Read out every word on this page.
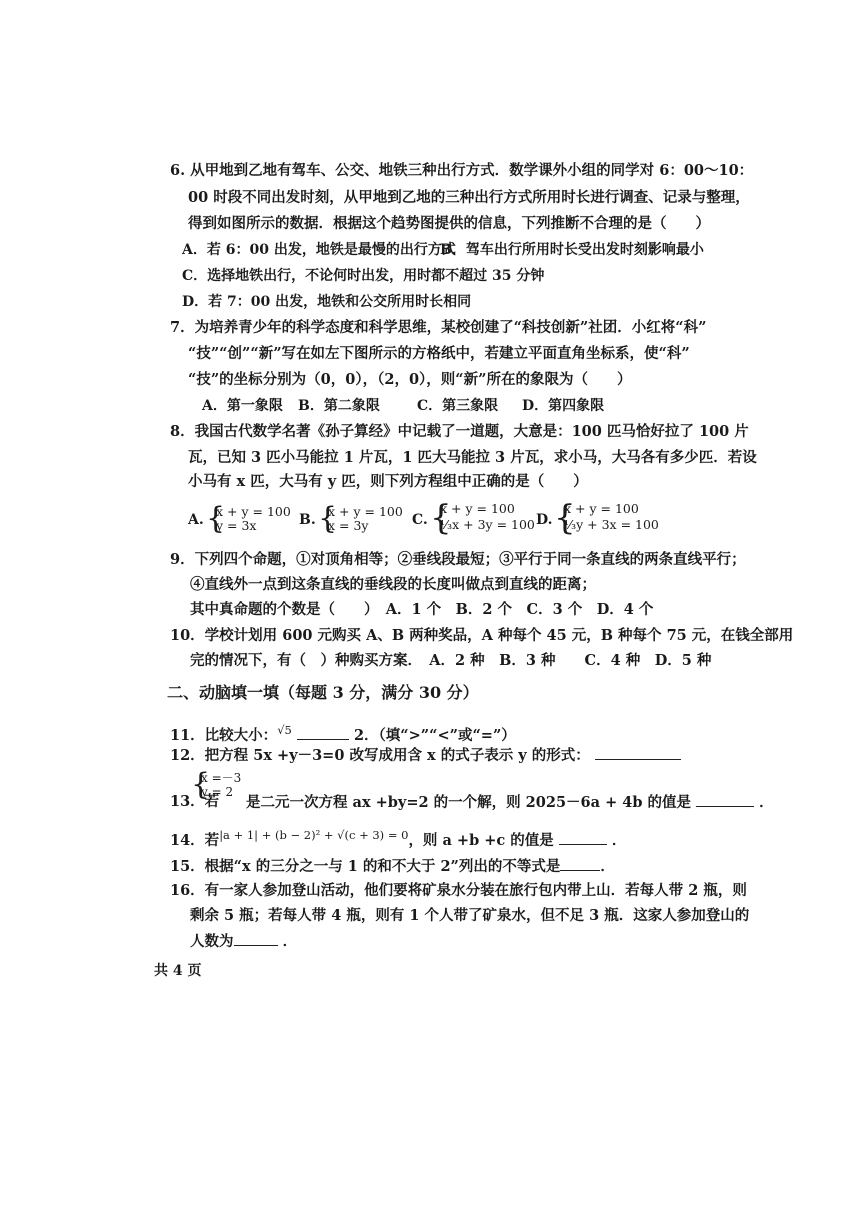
6. 从甲地到乙地有驾车、公交、地铁三种出行方式．数学课外小组的同学对 6：00～10：
00 时段不同出发时刻，从甲地到乙地的三种出行方式所用时长进行调查、记录与整理，
得到如图所示的数据．根据这个趋势图提供的信息，下列推断不合理的是（　　）
A．若 6：00 出发，地铁是最慢的出行方式
B．驾车出行所用时长受出发时刻影响最小
C．选择地铁出行，不论何时出发，用时都不超过 35 分钟
D．若 7：00 出发，地铁和公交所用时长相同
7．为培养青少年的科学态度和科学思维，某校创建了“科技创新”社团．小红将“科”
“技”“创”“新”写在如左下图所示的方格纸中，若建立平面直角坐标系，使“科”
“技”的坐标分别为（0，0），（2，0），则“新”所在的象限为（　　）
A．第一象限 B．第二象限	C．第三象限 D．第四象限
8．我国古代数学名著《孙子算经》中记载了一道题，大意是：100 匹马恰好拉了 100 片
瓦，已知 3 匹小马能拉 1 片瓦，1 匹大马能拉 3 片瓦，求小马，大马各有多少匹．若设
小马有 x 匹，大马有 y 匹，则下列方程组中正确的是（　　）
A. {
x + y = 100
y = 3x	B. {
x + y = 100
x = 3y	C. {
x + y = 100
⅓x + 3y = 100 D. {
x + y = 100
⅓y + 3x = 100
9．下列四个命题，①对顶角相等；②垂线段最短；③平行于同一条直线的两条直线平行；
④直线外一点到这条直线的垂线段的长度叫做点到直线的距离；
其中真命题的个数是（　　）　A．1 个　B．2 个　C．3 个　D．4 个
10．学校计划用 600 元购买 A、B 两种奖品，A 种每个 45 元，B 种每个 75 元，在钱全部用
完的情况下，有（　）种购买方案．　A．2 种　B．3 种　　C．4 种　D．5 种
二、动脑填一填（每题 3 分，满分 30 分）
11．比较大小：$^{√5}$	2．（填“>”“<”或“=”）
12．把方程 5x +y－3=0 改写成用含 x 的式子表示 y 的形式：
{
x =－3
y = 2
13．若 是二元一次方程 ax +by=2 的一个解，则 2025－6a + 4b 的值是	．
14．若$^{|a + 1| + (b - 2)^2 + √(c + 3) = 0}$，则 a +b +c 的值是	．
15．根据“x 的三分之一与 1 的和不大于 2”列出的不等式是	．
16．有一家人参加登山活动，他们要将矿泉水分装在旅行包内带上山．若每人带 2 瓶，则
剩余 5 瓶；若每人带 4 瓶，则有 1 个人带了矿泉水，但不足 3 瓶．这家人参加登山的
人数为	．
共 4 页
